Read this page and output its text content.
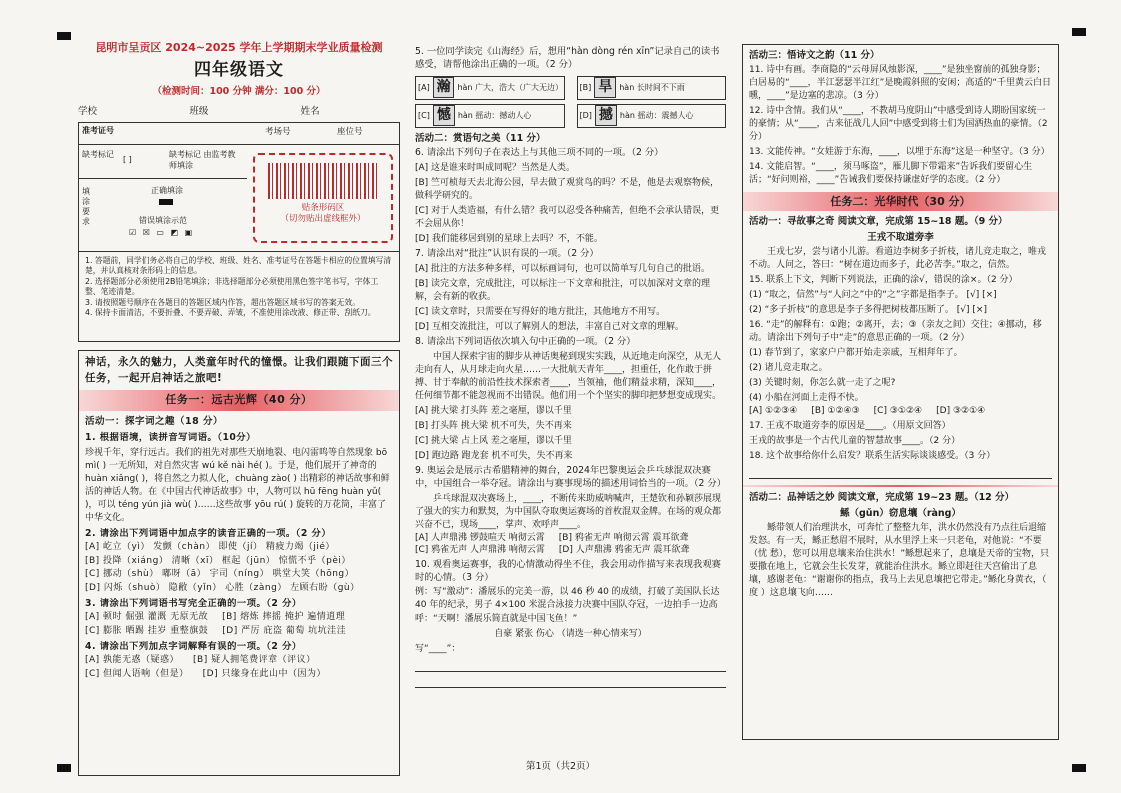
昆明市呈贡区 2024~2025 学年上学期期末学业质量检测
四年级语文
（检测时间：100 分钟 满分：100 分）
学校	班级	姓名
准考证号	考场号	座位号
缺考标记
[ ]
缺考标记 由监考教师填涂
填涂要求
正确填涂
错误填涂示范
☑ ☒ ▭ ◩ ▣
贴条形码区
（切勿贴出虚线框外）
1. 答题前，同学们务必将自己的学校、班级、姓名、准考证号在答题卡相应的位置填写清楚，并认真核对条形码上的信息。
2. 选择题部分必须使用2B铅笔填涂；非选择题部分必须使用黑色签字笔书写，字体工整、笔迹清楚。
3. 请按照题号顺序在各题目的答题区域内作答，超出答题区域书写的答案无效。
4. 保持卡面清洁，不要折叠、不要弄破、弄皱，不准使用涂改液、修正带、刮纸刀。
神话，永久的魅力，人类童年时代的憧憬。让我们跟随下面三个任务，一起开启神话之旅吧!
任务一：远古光辉（40 分）
活动一：探字词之趣（18 分）
1. 根据语境，读拼音写词语。（10分）
珍视千年，穿行远古。我们的祖先对那些天崩地裂、电闪雷鸣等自然现象 bō mì( ) 一无所知，对自然灾害 wú kě nài hé( )。于是，他们展开了神奇的 huàn xiǎng( )，将自然之力拟人化，chuàng zào( ) 出精彩的神话故事和鲜活的神话人物。在《中国古代神话故事》中，人物可以 hū fēng huàn yǔ( )，可以 téng yún jià wù( )……这些故事 yōu rú( ) 旋转的万花筒，丰富了中华文化。
2. 请涂出下列词语中加点字的读音正确的一项。（2 分）
[A] 屹立（yì） 发颤（chàn） 即使（jí） 精疲力竭（jié）
[B] 投降（xiáng） 清晰（xī） 框起（jūn） 惊慌不乎（pèi）
[C] 挪动（shù） 嘟呀（ā） 宇司（níng） 哄堂大笑（hōng）
[D] 闪烁（shuò） 隐敝（yǐn） 心胜（zàng） 左顾右盼（gù）
3. 请涂出下列词语书写完全正确的一项。（2 分）
[A] 顿时 倔强 灌溉 无原无故 [B] 熔炼 摔摇 掩护 遍情逍理
[C] 膨胀 晒踢 挂岁 重整旗鼓 [D] 严厉 庇盗 葡萄 坑坑洼洼
4. 请涂出下列加点字词解释有误的一项。（2 分）
[A] 孰能无惑（疑惑） [B] 疑人拥笔费评章（评议）
[C] 但闻人语响（但是） [D] 只缘身在此山中（因为）
5. 一位同学读完《山海经》后，想用“hàn dòng rén xīn”记录自己的读书感受，请帮他涂出正确的一项。（2 分）
[A] 瀚 hàn 广大，浩大（广大无边） [B] 旱 hàn 长时间不下雨
[C] 憾 hàn 摇动：撼动人心	[D] 撼 hàn 摇动：震撼人心
活动二：赏语句之美（11 分）
6. 请涂出下列句子在表达上与其他三项不同的一项。（2 分）
[A] 这是谁来时叫成同呢？当然是人类。
[B] 竺可桢每天去北海公园，早去做了观赏鸟的吗？不是，他是去观察物候，做科学研究的。
[C] 对于人类造福，有什么错？我可以忍受各种痛苦，但绝不会承认错误，更不会屈从你！
[D] 我们能移居到别的星球上去吗？不，不能。
7. 请涂出对“批注”认识有误的一项。（2 分）
[A] 批注的方法多种多样，可以标画词句，也可以简单写几句自己的批语。
[B] 读完文章，完成批注，可以标注一下文章和批注，可以加深对文章的理解，会有新的收获。
[C] 读文章时，只需要在写得好的地方批注，其他地方不用写。
[D] 互相交流批注，可以了解别人的想法，丰富自己对文章的理解。
8. 请涂出下列词语依次填入句中正确的一项。（2 分）
中国人探索宇宙的脚步从神话奥秘到现实实践，从近地走向深空，从无人走向有人，从月球走向火星……一大批航天青年____，担重任，化作敢于拼搏、甘于奉献的前沿性技术探索者____，当领袖，他们精益求精，深知____，任何细节都不能忽视而不出错误。他们用一个个坚实的脚印把梦想变成现实。
[A] 挑大梁 打头阵 差之毫厘，谬以千里
[B] 打头阵 挑大梁 机不可失，失不再来
[C] 挑大梁 占上风 差之毫厘，谬以千里
[D] 跑边路 跑龙套 机不可失，失不再来
9. 奥运会是展示古希腊精神的舞台，2024年巴黎奥运会乒乓球混双决赛中，中国组合一举夺冠。请涂出与赛事现场的描述用词恰当的一项。（2 分）
乒乓球混双决赛场上，____，不断传来助威呐喊声，王楚钦和孙颖莎展现了强大的实力和默契，为中国队夺取奥运赛场的首枚混双金牌。在场的观众都兴奋不已，现场____，掌声、欢呼声____。
[A] 人声鼎沸 锣鼓喧天 响彻云霄 [B] 鸦雀无声 响彻云霄 震耳欲聋
[C] 鸦雀无声 人声鼎沸 响彻云霄 [D] 人声鼎沸 鸦雀无声 震耳欲聋
10. 观看奥运赛事，我的心情激动得坐不住，我会用动作描写来表现我观赛时的心情。（3 分）
例：写“激动”：潘展乐的完美一游，以 46 秒 40 的成绩，打破了美国队长达 40 年的纪录，男子 4×100 米混合泳接力决赛中国队夺冠，一边拍手一边高呼：“天啊！潘展乐简直就是中国飞鱼！”
自豪 紧张 伤心 （请选一种心情来写）
写“____”：
活动三：悟诗文之韵（11 分）
11. 诗中有画。李商隐的“云母屏风烛影深，____”是独坐窗前的孤独身影；白居易的“____，半江瑟瑟半江红”是晚霞斜照的安闲；高适的“千里黄云白日曛，____”是边塞的悲凉。（3 分）
12. 诗中含情。我们从“____，不教胡马度阴山”中感受到诗人期盼国家统一的豪情；从“____，古来征战几人回”中感受到将士们为国洒热血的豪情。（2 分）
13. 文能传神。“女娃游于东海，____，以埋于东海”这是一种坚守。（3 分）
14. 文能启智。“____，须马啄盗”，雁儿脚下带霜来”告诉我们要留心生活；“好问则裕，____”告诫我们要保持谦虚好学的态度。（2 分）
任务二：光华时代（30 分）
活动一：寻故事之奇 阅读文章，完成第 15~18 题。（9 分）
王戎不取道旁李
王戎七岁，尝与诸小儿游。看道边李树多子折枝，诸儿竞走取之，唯戎不动。人问之，答曰：“树在道边而多子，此必苦李。”取之，信然。
15. 联系上下文，判断下列说法，正确的涂√，错误的涂×。（2 分）
(1) “取之，信然”与“人问之”中的“之”字都是指李子。 [√] [×]
(2) “多子折枝”的意思是李子多得把树枝都压断了。 [√] [×]
16. “走”的解释有：①跑；②离开，去；③（亲友之间）交往；④挪动，移动。请涂出下列句子中“走”的意思正确的一项。（2 分）
(1) 春节到了，家家户户都开始走亲戚，互相拜年了。
(2) 诸儿竞走取之。
(3) 关键时刻，你怎么就一走了之呢?
(4) 小船在河面上走得不快。
[A] ①②③④ [B] ①②④③ [C] ③①②④ [D] ③②①④
17. 王戎不取道旁李的原因是____。（用原文回答）
王戎的故事是一个古代儿童的智慧故事____。（2 分）
18. 这个故事给你什么启发？联系生活实际谈谈感受。（3 分）
活动二：品神话之妙 阅读文章，完成第 19~23 题。（12 分）
鲧（gǔn）窃息壤（ràng）
鲧带领人们治理洪水，可奔忙了整整九年，洪水仍然没有乃点往后退缩发怒。有一天，鲧正愁眉不展时，从水里浮上来一只老龟，对他说：“不要（忧 愁），您可以用息壤来治住洪水！”鲧想起来了，息壤是天帝的宝物，只要撒在地上，它就会生长发芽，就能治住洪水。鲧立即赶往天宫偷出了息壤，感谢老龟：“谢谢你的指点，我马上去见息壤把它带走。”鲧化身黄衣，（ 度 ）这息壤飞向……
第1页（共2页）
